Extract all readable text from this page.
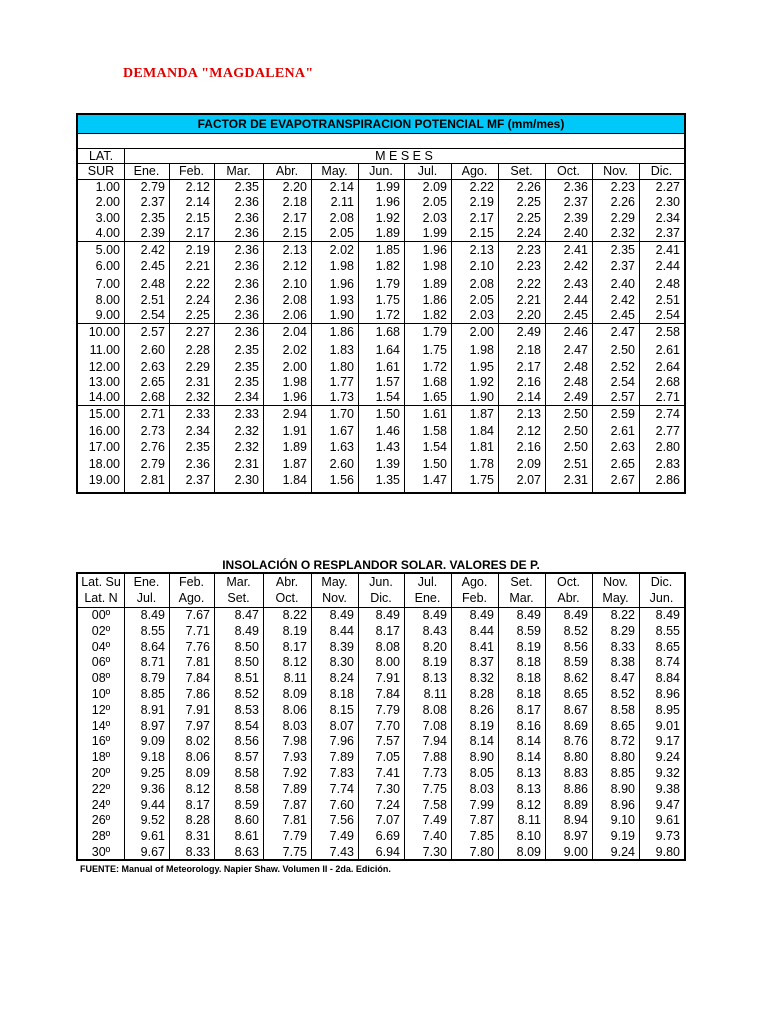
DEMANDA "MAGDALENA"
FACTOR DE EVAPOTRANSPIRACION POTENCIAL MF (mm/mes)
LAT.	M E S E S
SUR	Ene.	Feb.	Mar.	Abr.	May.	Jun.	Jul.	Ago.	Set.	Oct.	Nov.	Dic.
1.00	2.79	2.12	2.35	2.20	2.14	1.99	2.09	2.22	2.26	2.36	2.23	2.27
2.00	2.37	2.14	2.36	2.18	2.11	1.96	2.05	2.19	2.25	2.37	2.26	2.30
3.00	2.35	2.15	2.36	2.17	2.08	1.92	2.03	2.17	2.25	2.39	2.29	2.34
4.00	2.39	2.17	2.36	2.15	2.05	1.89	1.99	2.15	2.24	2.40	2.32	2.37
5.00	2.42	2.19	2.36	2.13	2.02	1.85	1.96	2.13	2.23	2.41	2.35	2.41
6.00	2.45	2.21	2.36	2.12	1.98	1.82	1.98	2.10	2.23	2.42	2.37	2.44
7.00	2.48	2.22	2.36	2.10	1.96	1.79	1.89	2.08	2.22	2.43	2.40	2.48
8.00	2.51	2.24	2.36	2.08	1.93	1.75	1.86	2.05	2.21	2.44	2.42	2.51
9.00	2.54	2.25	2.36	2.06	1.90	1.72	1.82	2.03	2.20	2.45	2.45	2.54
10.00	2.57	2.27	2.36	2.04	1.86	1.68	1.79	2.00	2.49	2.46	2.47	2.58
11.00	2.60	2.28	2.35	2.02	1.83	1.64	1.75	1.98	2.18	2.47	2.50	2.61
12.00	2.63	2.29	2.35	2.00	1.80	1.61	1.72	1.95	2.17	2.48	2.52	2.64
13.00	2.65	2.31	2.35	1.98	1.77	1.57	1.68	1.92	2.16	2.48	2.54	2.68
14.00	2.68	2.32	2.34	1.96	1.73	1.54	1.65	1.90	2.14	2.49	2.57	2.71
15.00	2.71	2.33	2.33	2.94	1.70	1.50	1.61	1.87	2.13	2.50	2.59	2.74
16.00	2.73	2.34	2.32	1.91	1.67	1.46	1.58	1.84	2.12	2.50	2.61	2.77
17.00	2.76	2.35	2.32	1.89	1.63	1.43	1.54	1.81	2.16	2.50	2.63	2.80
18.00	2.79	2.36	2.31	1.87	2.60	1.39	1.50	1.78	2.09	2.51	2.65	2.83
19.00	2.81	2.37	2.30	1.84	1.56	1.35	1.47	1.75	2.07	2.31	2.67	2.86
INSOLACIÓN O RESPLANDOR SOLAR. VALORES DE P.
Lat. Su	Ene.	Feb.	Mar.	Abr.	May.	Jun.	Jul.	Ago.	Set.	Oct.	Nov.	Dic.
Lat. N	Jul.	Ago.	Set.	Oct.	Nov.	Dic.	Ene.	Feb.	Mar.	Abr.	May.	Jun.
00º	8.49	7.67	8.47	8.22	8.49	8.49	8.49	8.49	8.49	8.49	8.22	8.49
02º	8.55	7.71	8.49	8.19	8.44	8.17	8.43	8.44	8.59	8.52	8.29	8.55
04º	8.64	7.76	8.50	8.17	8.39	8.08	8.20	8.41	8.19	8.56	8.33	8.65
06º	8.71	7.81	8.50	8.12	8.30	8.00	8.19	8.37	8.18	8.59	8.38	8.74
08º	8.79	7.84	8.51	8.11	8.24	7.91	8.13	8.32	8.18	8.62	8.47	8.84
10º	8.85	7.86	8.52	8.09	8.18	7.84	8.11	8.28	8.18	8.65	8.52	8.96
12º	8.91	7.91	8.53	8.06	8.15	7.79	8.08	8.26	8.17	8.67	8.58	8.95
14º	8.97	7.97	8.54	8.03	8.07	7.70	7.08	8.19	8.16	8.69	8.65	9.01
16º	9.09	8.02	8.56	7.98	7.96	7.57	7.94	8.14	8.14	8.76	8.72	9.17
18º	9.18	8.06	8.57	7.93	7.89	7.05	7.88	8.90	8.14	8.80	8.80	9.24
20º	9.25	8.09	8.58	7.92	7.83	7.41	7.73	8.05	8.13	8.83	8.85	9.32
22º	9.36	8.12	8.58	7.89	7.74	7.30	7.75	8.03	8.13	8.86	8.90	9.38
24º	9.44	8.17	8.59	7.87	7.60	7.24	7.58	7.99	8.12	8.89	8.96	9.47
26º	9.52	8.28	8.60	7.81	7.56	7.07	7.49	7.87	8.11	8.94	9.10	9.61
28º	9.61	8.31	8.61	7.79	7.49	6.69	7.40	7.85	8.10	8.97	9.19	9.73
30º	9.67	8.33	8.63	7.75	7.43	6.94	7.30	7.80	8.09	9.00	9.24	9.80
FUENTE: Manual of Meteorology. Napier Shaw. Volumen II - 2da. Edición.
